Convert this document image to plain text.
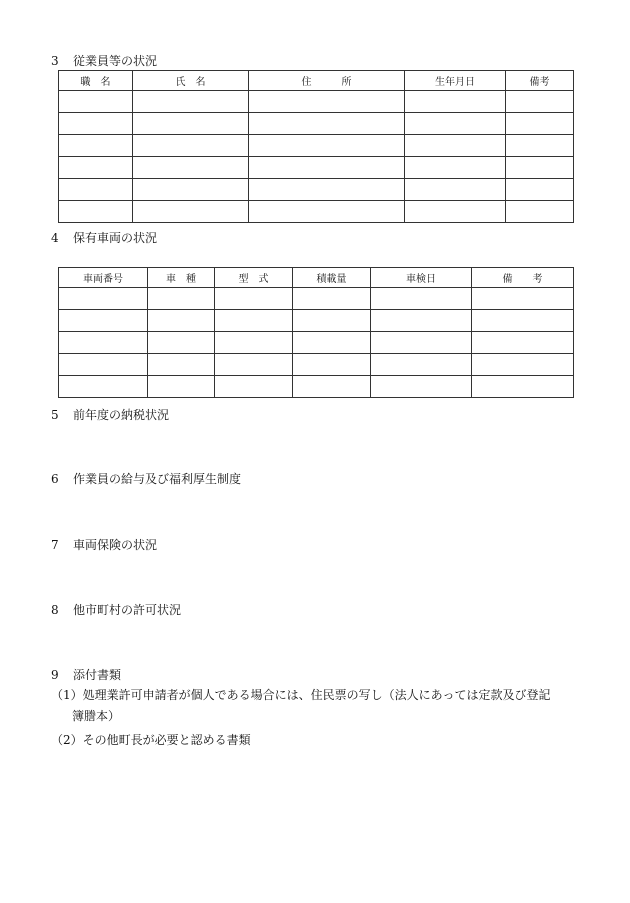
3 従業員等の状況
職　名	氏　名	住　　　所	生年月日	備考

4 保有車両の状況
車両番号	車　種	型　式	積載量	車検日	備　　考

5 前年度の納税状況
6 作業員の給与及び福利厚生制度
7 車両保険の状況
8 他市町村の許可状況
9 添付書類
（1）処理業許可申請者が個人である場合には、住民票の写し（法人にあっては定款及び登記
簿謄本）
（2）その他町長が必要と認める書類
